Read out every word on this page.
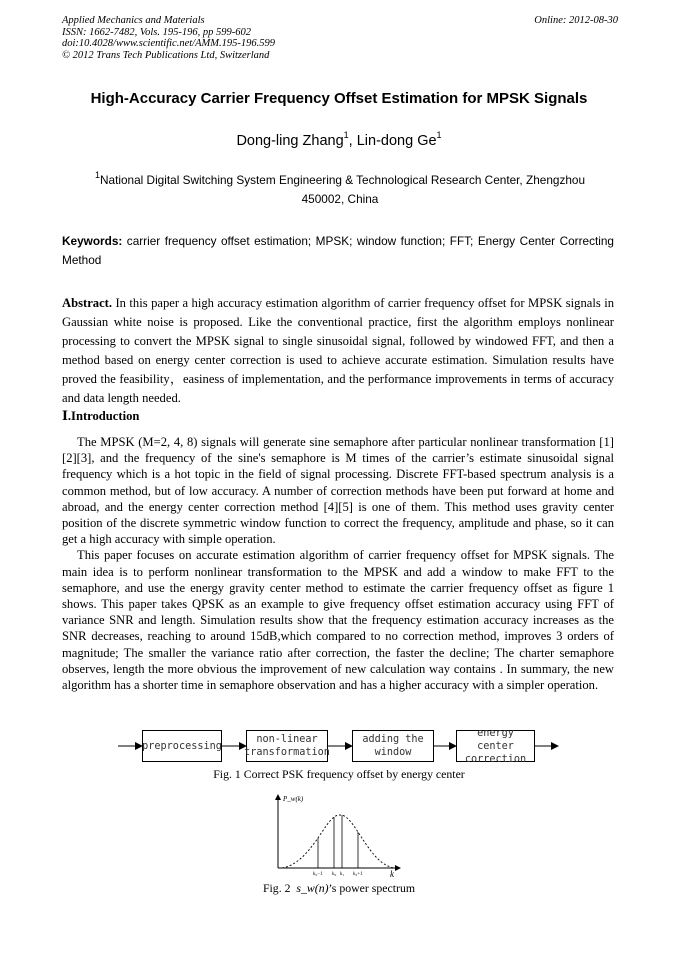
Applied Mechanics and Materials
ISSN: 1662-7482, Vols. 195-196, pp 599-602
doi:10.4028/www.scientific.net/AMM.195-196.599
© 2012 Trans Tech Publications Ltd, Switzerland
Online: 2012-08-30
High-Accuracy Carrier Frequency Offset Estimation for MPSK Signals
Dong-ling Zhang$^1$, Lin-dong Ge$^1$
$^1$National Digital Switching System Engineering & Technological Research Center, Zhengzhou
450002, China
Keywords: carrier frequency offset estimation; MPSK; window function; FFT; Energy Center Correcting Method
Abstract. In this paper a high accuracy estimation algorithm of carrier frequency offset for MPSK signals in Gaussian white noise is proposed. Like the conventional practice, first the algorithm employs nonlinear processing to convert the MPSK signal to single sinusoidal signal, followed by windowed FFT, and then a method based on energy center correction is used to achieve accurate estimation. Simulation results have proved the feasibility，easiness of implementation, and the performance improvements in terms of accuracy and data length needed.
Ⅰ.Introduction

The MPSK (M=2, 4, 8) signals will generate sine semaphore after particular nonlinear transformation [1][2][3], and the frequency of the sine's semaphore is M times of the carrier’s estimate sinusoidal signal frequency which is a hot topic in the field of signal processing. Discrete FFT-based spectrum analysis is a common method, but of low accuracy. A number of correction methods have been put forward at home and abroad, and the energy center correction method [4][5] is one of them. This method uses gravity center position of the discrete symmetric window function to correct the frequency, amplitude and phase, so it can get a high accuracy with simple operation.

This paper focuses on accurate estimation algorithm of carrier frequency offset for MPSK signals. The main idea is to perform nonlinear transformation to the MPSK and add a window to make FFT to the semaphore, and use the energy gravity center method to estimate the carrier frequency offset as figure 1 shows. This paper takes QPSK as an example to give frequency offset estimation accuracy using FFT of variance SNR and length. Simulation results show that the frequency estimation accuracy increases as the SNR decreases, reaching to around 15dB,which compared to no correction method, improves 3 orders of magnitude; The smaller the variance ratio after correction, the faster the decline; The charter semaphore observes, length the more obvious the improvement of new calculation way contains . In summary, the new algorithm has a shorter time in semaphore observation and has a higher accuracy with a simpler operation.

preprocessing
non-linear
transformation
adding the
window
energy center
correction
Fig. 1 Correct PSK frequency offset by energy center
P_w(k)
k₀−1 k₀ k₁ k₀+1	k
Fig. 2 s_w(n)’s power spectrum
